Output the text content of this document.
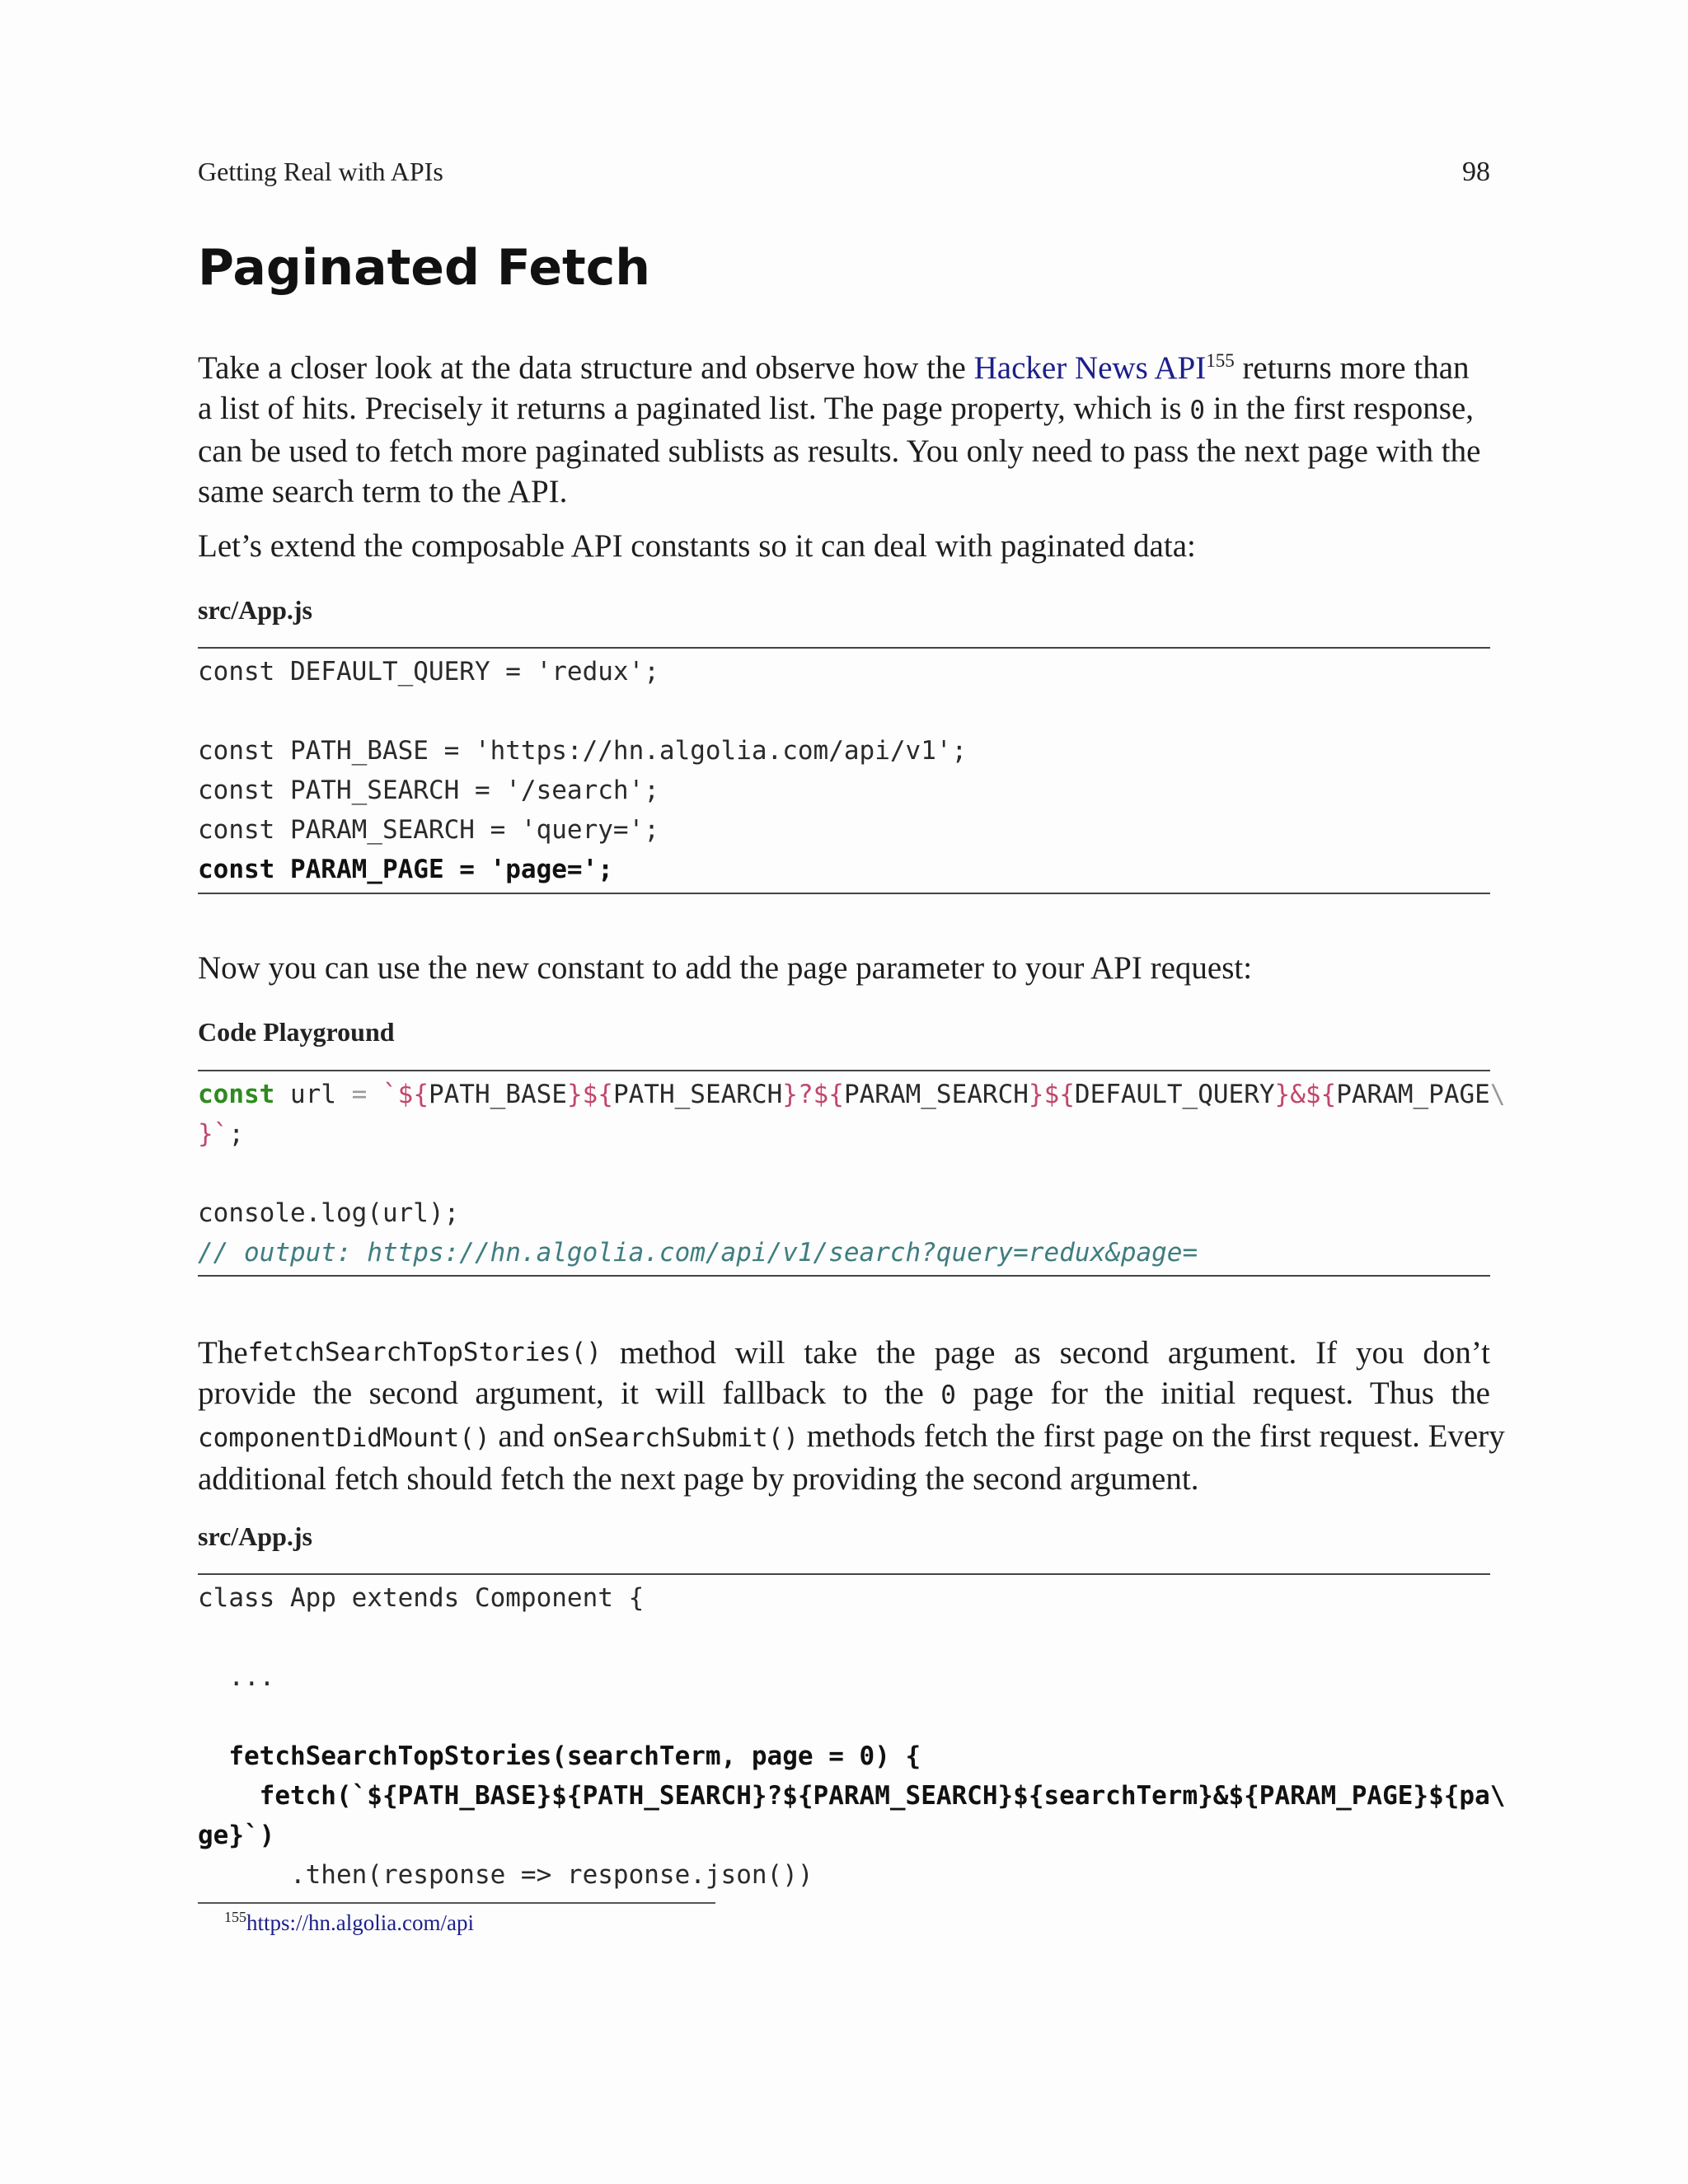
Getting Real with APIs	98
Paginated Fetch
Take a closer look at the data structure and observe how the Hacker News API$^{155}$ returns more than
a list of hits. Precisely it returns a paginated list. The page property, which is 0 in the first response,
can be used to fetch more paginated sublists as results. You only need to pass the next page with the
same search term to the API.

Let’s extend the composable API constants so it can deal with paginated data:

src/App.js
const DEFAULT_QUERY = 'redux';
const PATH_BASE = 'https://hn.algolia.com/api/v1';
const PATH_SEARCH = '/search';
const PARAM_SEARCH = 'query=';
const PARAM_PAGE = 'page=';

Now you can use the new constant to add the page parameter to your API request:

Code Playground
const url = `${PATH_BASE}${PATH_SEARCH}?${PARAM_SEARCH}${DEFAULT_QUERY}&${PARAM_PAGE\
}`;
console.log(url);
// output: https://hn.algolia.com/api/v1/search?query=redux&page=
The fetchSearchTopStories() method will take the page as second argument. If you don’t
provide the second argument, it will fallback to the 0 page for the initial request. Thus the
componentDidMount() and onSearchSubmit() methods fetch the first page on the first request. Every
additional fetch should fetch the next page by providing the second argument.
src/App.js
class App extends Component {
...
fetchSearchTopStories(searchTerm, page = 0) {
fetch(`${PATH_BASE}${PATH_SEARCH}?${PARAM_SEARCH}${searchTerm}&${PARAM_PAGE}${pa\
ge}`)
.then(response => response.json())
$^{155}$https://hn.algolia.com/api
